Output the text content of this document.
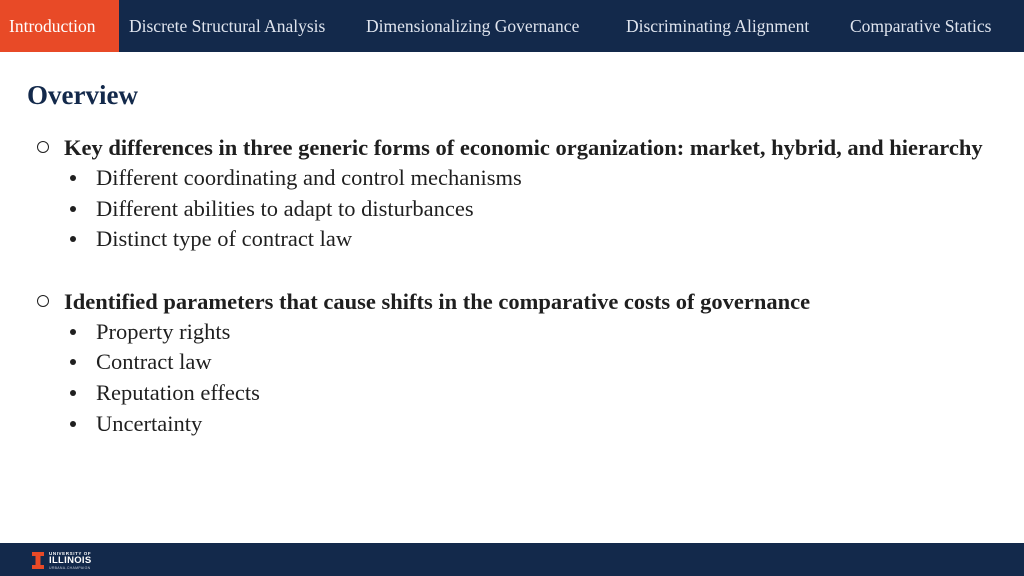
Introduction	Discrete Structural Analysis	Dimensionalizing Governance	Discriminating Alignment	Comparative Statics
Overview
Key differences in three generic forms of economic organization: market, hybrid, and hierarchy
Different coordinating and control mechanisms
Different abilities to adapt to disturbances
Distinct type of contract law
Identified parameters that cause shifts in the comparative costs of governance
Property rights
Contract law
Reputation effects
Uncertainty
UNIVERSITY OF
ILLINOIS
URBANA-CHAMPAIGN
